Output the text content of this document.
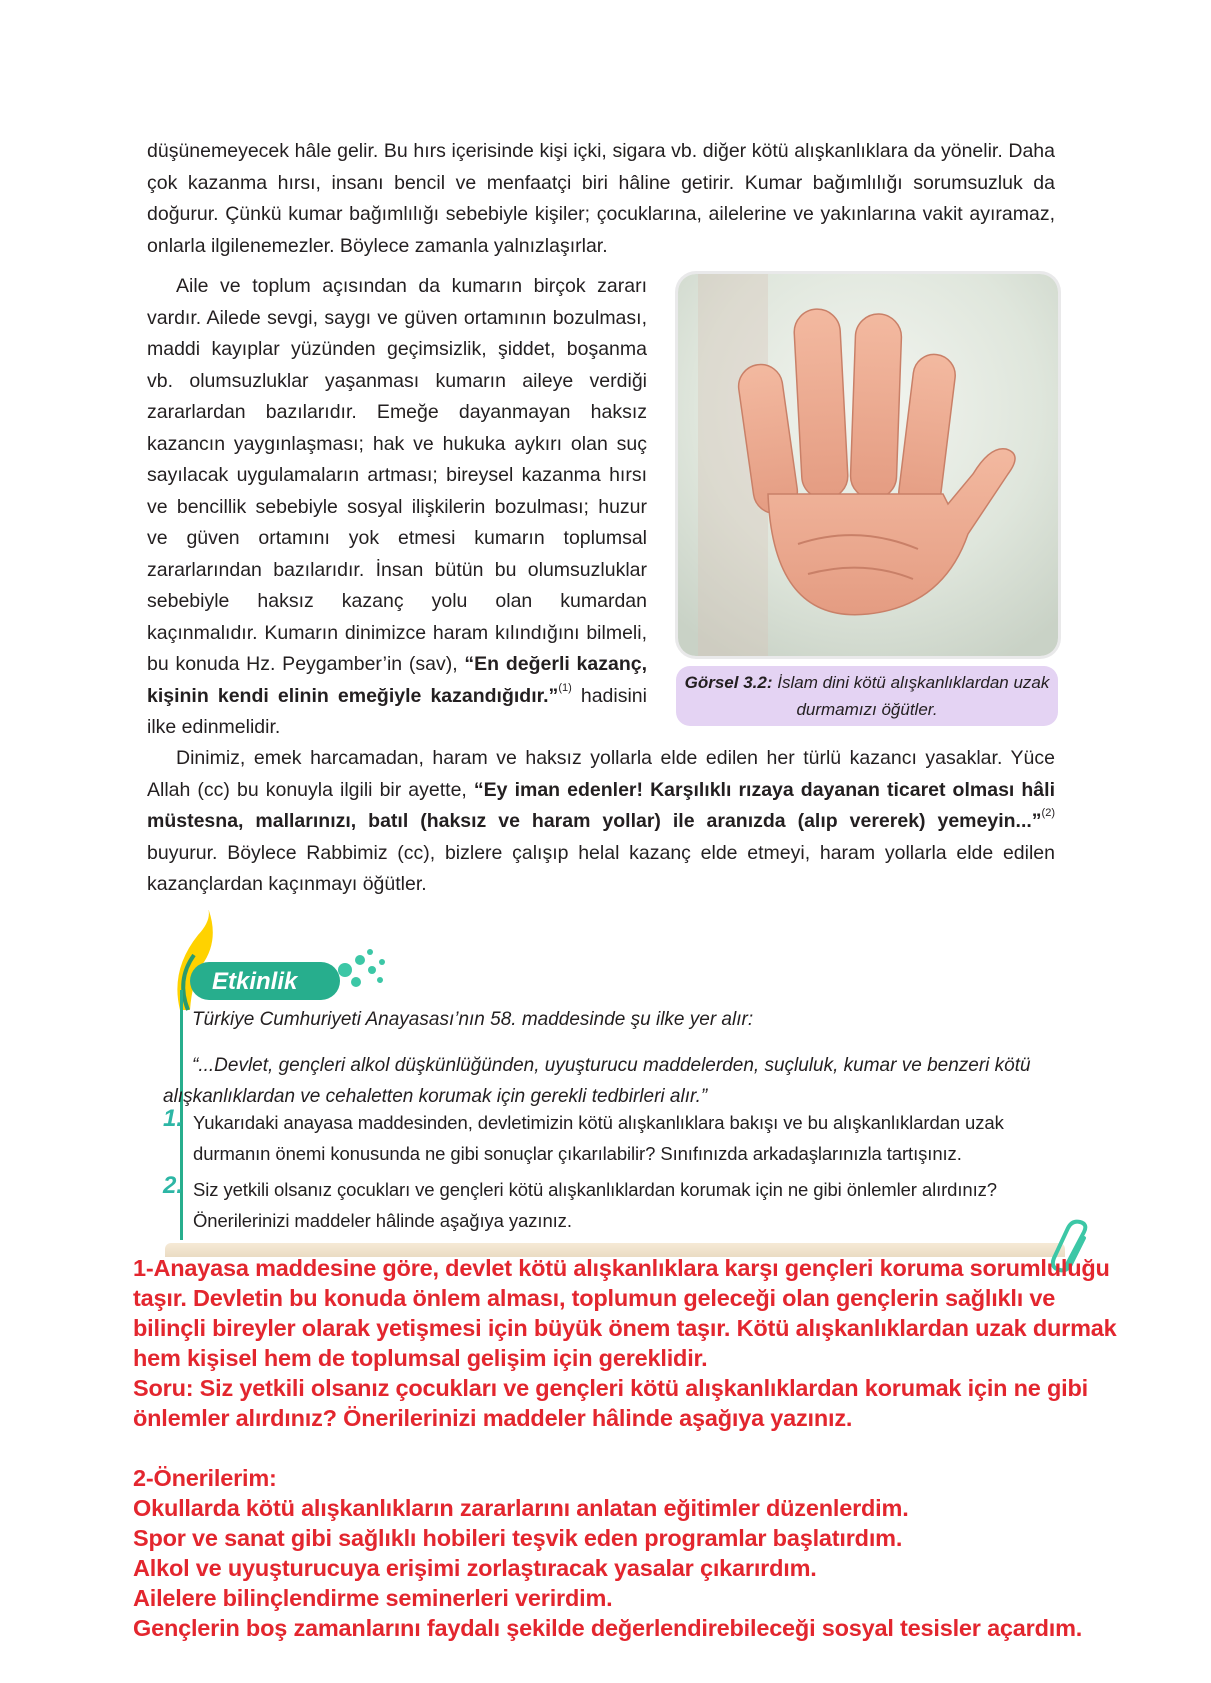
düşünemeyecek hâle gelir. Bu hırs içerisinde kişi içki, sigara vb. diğer kötü alışkanlıklara da yönelir. Daha çok kazanma hırsı, insanı bencil ve menfaatçi biri hâline getirir. Kumar bağımlılığı sorumsuzluk da doğurur. Çünkü kumar bağımlılığı sebebiyle kişiler; çocuklarına, ailelerine ve yakınlarına vakit ayıramaz, onlarla ilgilenemezler. Böylece zamanla yalnızlaşırlar.
Aile ve toplum açısından da kumarın birçok zararı vardır. Ailede sevgi, saygı ve güven ortamının bozulması, maddi kayıplar yüzünden geçimsizlik, şiddet, boşanma vb. olumsuzluklar yaşanması kumarın aileye verdiği zararlardan bazılarıdır. Emeğe dayanmayan haksız kazancın yaygınlaşması; hak ve hukuka aykırı olan suç sayılacak uygulamaların artması; bireysel kazanma hırsı ve bencillik sebebiyle sosyal ilişkilerin bozulması; huzur ve güven ortamını yok etmesi kumarın toplumsal zararlarından bazılarıdır. İnsan bütün bu olumsuzluklar sebebiyle haksız kazanç yolu olan kumardan kaçınmalıdır. Kumarın dinimizce haram kılındığını bilmeli, bu konuda Hz. Peygamber’in (sav), “En değerli kazanç, kişinin kendi elinin emeğiyle kazandığıdır.”$^{(1)}$ hadisini ilke edinmelidir.
Görsel 3.2: İslam dini kötü alışkanlıklardan uzak durmamızı öğütler.
Dinimiz, emek harcamadan, haram ve haksız yollarla elde edilen her türlü kazancı yasaklar. Yüce Allah (cc) bu konuyla ilgili bir ayette, “Ey iman edenler! Karşılıklı rızaya dayanan ticaret olması hâli müstesna, mallarınızı, batıl (haksız ve haram yollar) ile aranızda (alıp vererek) yemeyin...”$^{(2)}$ buyurur. Böylece Rabbimiz (cc), bizlere çalışıp helal kazanç elde etmeyi, haram yollarla elde edilen kazançlardan kaçınmayı öğütler.
Etkinlik
Türkiye Cumhuriyeti Anayasası’nın 58. maddesinde şu ilke yer alır:
“...Devlet, gençleri alkol düşkünlüğünden, uyuşturucu maddelerden, suçluluk, kumar ve benzeri kötü alışkanlıklardan ve cehaletten korumak için gerekli tedbirleri alır.”
1. Yukarıdaki anayasa maddesinden, devletimizin kötü alışkanlıklara bakışı ve bu alışkanlıklardan uzak durmanın önemi konusunda ne gibi sonuçlar çıkarılabilir? Sınıfınızda arkadaşlarınızla tartışınız.
2. Siz yetkili olsanız çocukları ve gençleri kötü alışkanlıklardan korumak için ne gibi önlemler alırdınız? Önerilerinizi maddeler hâlinde aşağıya yazınız.
1-Anayasa maddesine göre, devlet kötü alışkanlıklara karşı gençleri koruma sorumluluğu
taşır. Devletin bu konuda önlem alması, toplumun geleceği olan gençlerin sağlıklı ve
bilinçli bireyler olarak yetişmesi için büyük önem taşır. Kötü alışkanlıklardan uzak durmak
hem kişisel hem de toplumsal gelişim için gereklidir.
Soru: Siz yetkili olsanız çocukları ve gençleri kötü alışkanlıklardan korumak için ne gibi
önlemler alırdınız? Önerilerinizi maddeler hâlinde aşağıya yazınız.
2-Önerilerim:
Okullarda kötü alışkanlıkların zararlarını anlatan eğitimler düzenlerdim.
Spor ve sanat gibi sağlıklı hobileri teşvik eden programlar başlatırdım.
Alkol ve uyuşturucuya erişimi zorlaştıracak yasalar çıkarırdım.
Ailelere bilinçlendirme seminerleri verirdim.
Gençlerin boş zamanlarını faydalı şekilde değerlendirebileceği sosyal tesisler açardım.
